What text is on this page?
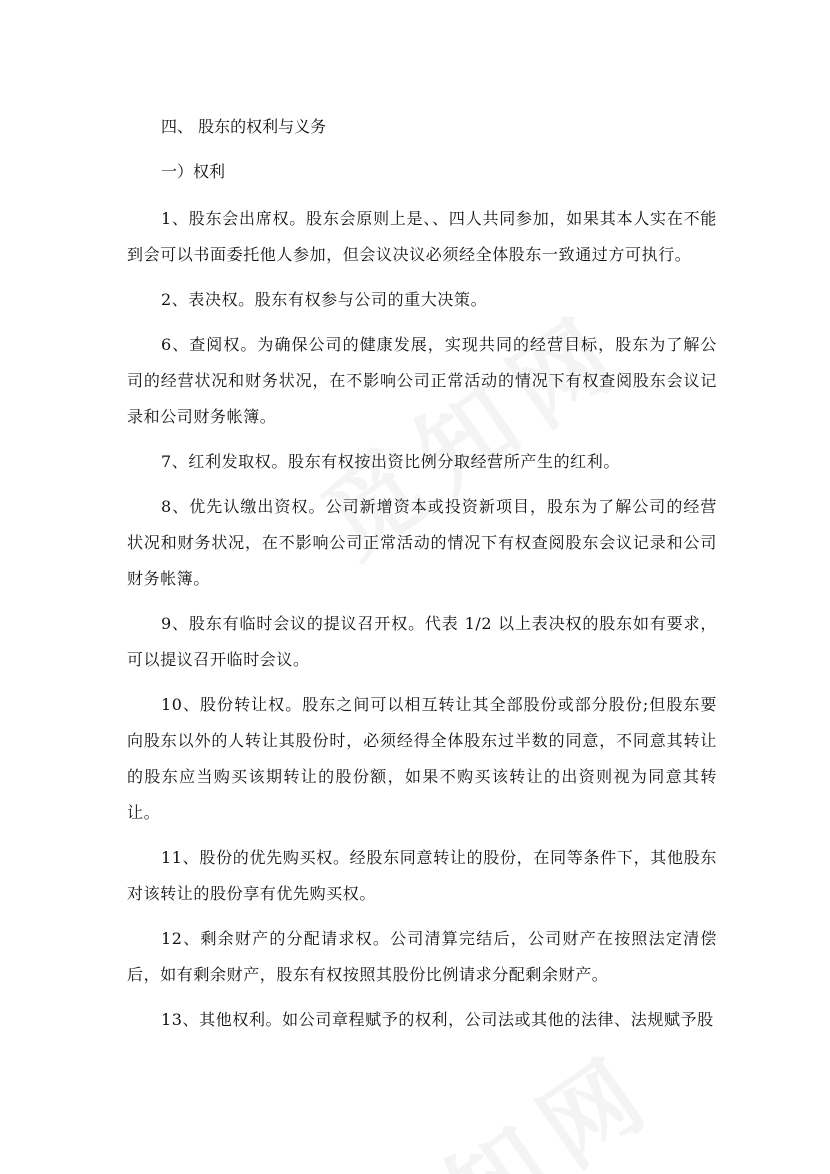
四、 股东的权利与义务

一）权利

1、股东会出席权。股东会原则上是、、四人共同参加，如果其本人实在不能到会可以书面委托他人参加，但会议决议必须经全体股东一致通过方可执行。

2、表决权。股东有权参与公司的重大决策。

6、查阅权。为确保公司的健康发展，实现共同的经营目标，股东为了解公司的经营状况和财务状况，在不影响公司正常活动的情况下有权查阅股东会议记录和公司财务帐簿。

7、红利发取权。股东有权按出资比例分取经营所产生的红利。

8、优先认缴出资权。公司新增资本或投资新项目，股东为了解公司的经营状况和财务状况，在不影响公司正常活动的情况下有权查阅股东会议记录和公司财务帐簿。

9、股东有临时会议的提议召开权。代表 1/2 以上表决权的股东如有要求，可以提议召开临时会议。

10、股份转让权。股东之间可以相互转让其全部股份或部分股份;但股东要向股东以外的人转让其股份时，必须经得全体股东过半数的同意，不同意其转让的股东应当购买该期转让的股份额，如果不购买该转让的出资则视为同意其转让。

11、股份的优先购买权。经股东同意转让的股份，在同等条件下，其他股东对该转让的股份享有优先购买权。

12、剩余财产的分配请求权。公司清算完结后，公司财产在按照法定清偿后，如有剩余财产，股东有权按照其股份比例请求分配剩余财产。

13、其他权利。如公司章程赋予的权利，公司法或其他的法律、法规赋予股
